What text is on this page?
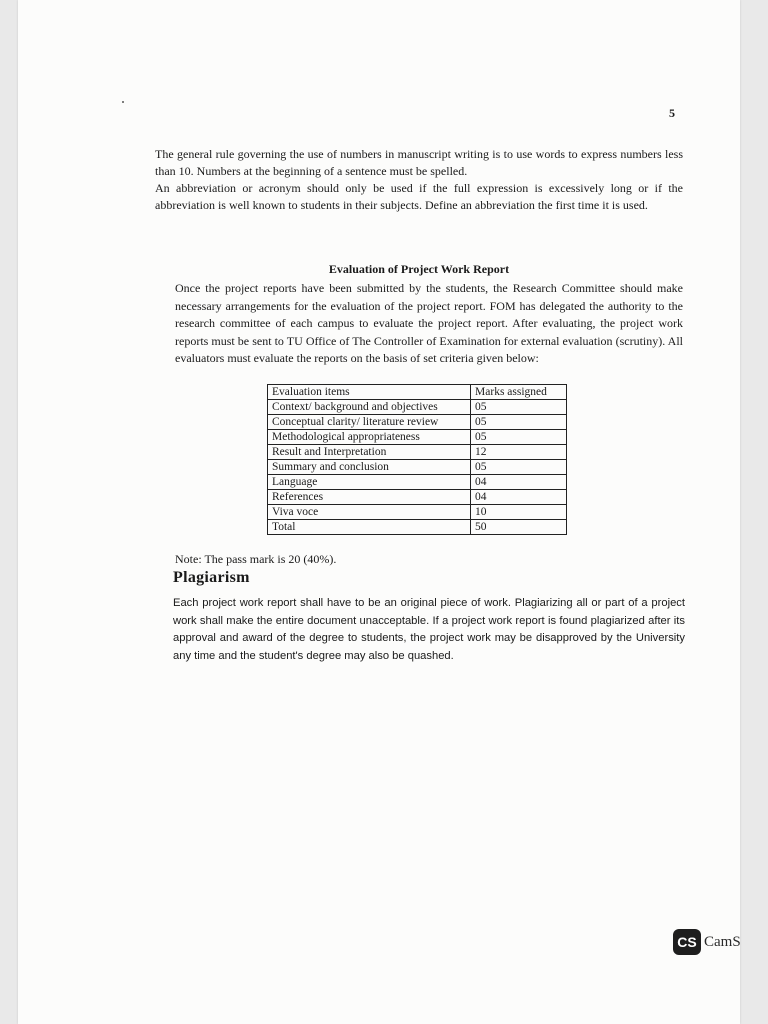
5

The general rule governing the use of numbers in manuscript writing is to use words to express numbers less than 10. Numbers at the beginning of a sentence must be spelled.

An abbreviation or acronym should only be used if the full expression is excessively long or if the abbreviation is well known to students in their subjects. Define an abbreviation the first time it is used.

Evaluation of Project Work Report

Once the project reports have been submitted by the students, the Research Committee should make necessary arrangements for the evaluation of the project report. FOM has delegated the authority to the research committee of each campus to evaluate the project report. After evaluating, the project work reports must be sent to TU Office of The Controller of Examination for external evaluation (scrutiny). All evaluators must evaluate the reports on the basis of set criteria given below:

Evaluation items	Marks assigned
Context/ background and objectives	05
Conceptual clarity/ literature review	05
Methodological appropriateness	05
Result and Interpretation	12
Summary and conclusion	05
Language	04
References	04
Viva voce	10
Total	50

Note: The pass mark is 20 (40%).

Plagiarism

Each project work report shall have to be an original piece of work. Plagiarizing all or part of a project work shall make the entire document unacceptable. If a project work report is found plagiarized after its approval and award of the degree to students, the project work may be disapproved by the University any time and the student's degree may also be quashed.

CS CamS
